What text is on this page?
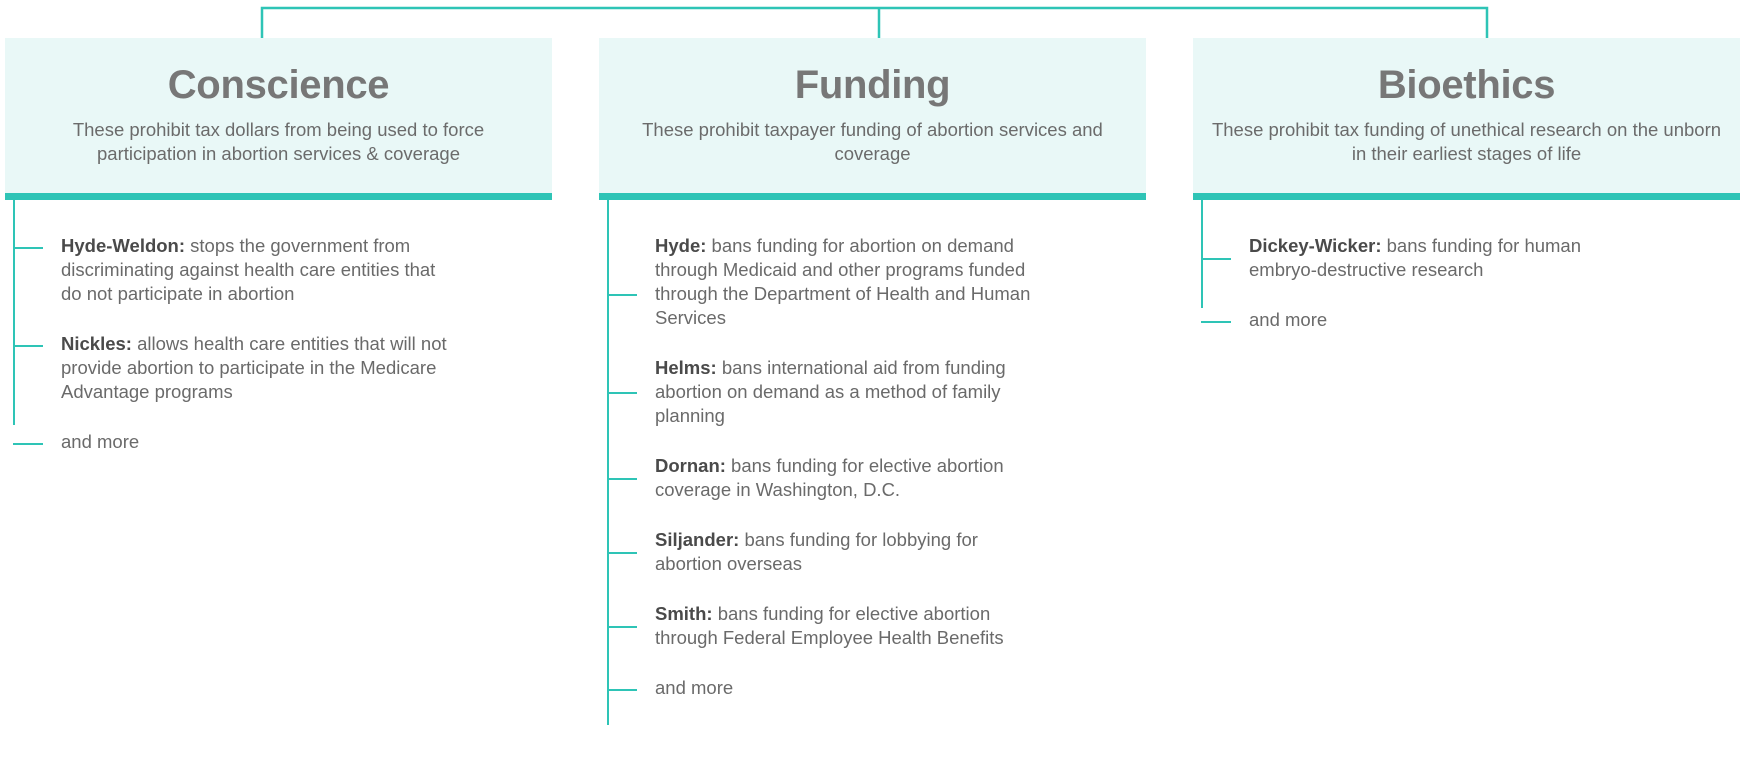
Conscience
These prohibit tax dollars from being used to force participation in abortion services & coverage
Hyde-Weldon: stops the government from discriminating against health care entities that do not participate in abortion
Nickles: allows health care entities that will not provide abortion to participate in the Medicare Advantage programs
and more
Funding
These prohibit taxpayer funding of abortion services and coverage
Hyde: bans funding for abortion on demand through Medicaid and other programs funded through the Department of Health and Human Services
Helms: bans international aid from funding abortion on demand as a method of family planning
Dornan: bans funding for elective abortion coverage in Washington, D.C.
Siljander: bans funding for lobbying for abortion overseas
Smith: bans funding for elective abortion through Federal Employee Health Benefits
and more
Bioethics
These prohibit tax funding of unethical research on the unborn in their earliest stages of life
Dickey-Wicker: bans funding for human embryo-destructive research
and more
